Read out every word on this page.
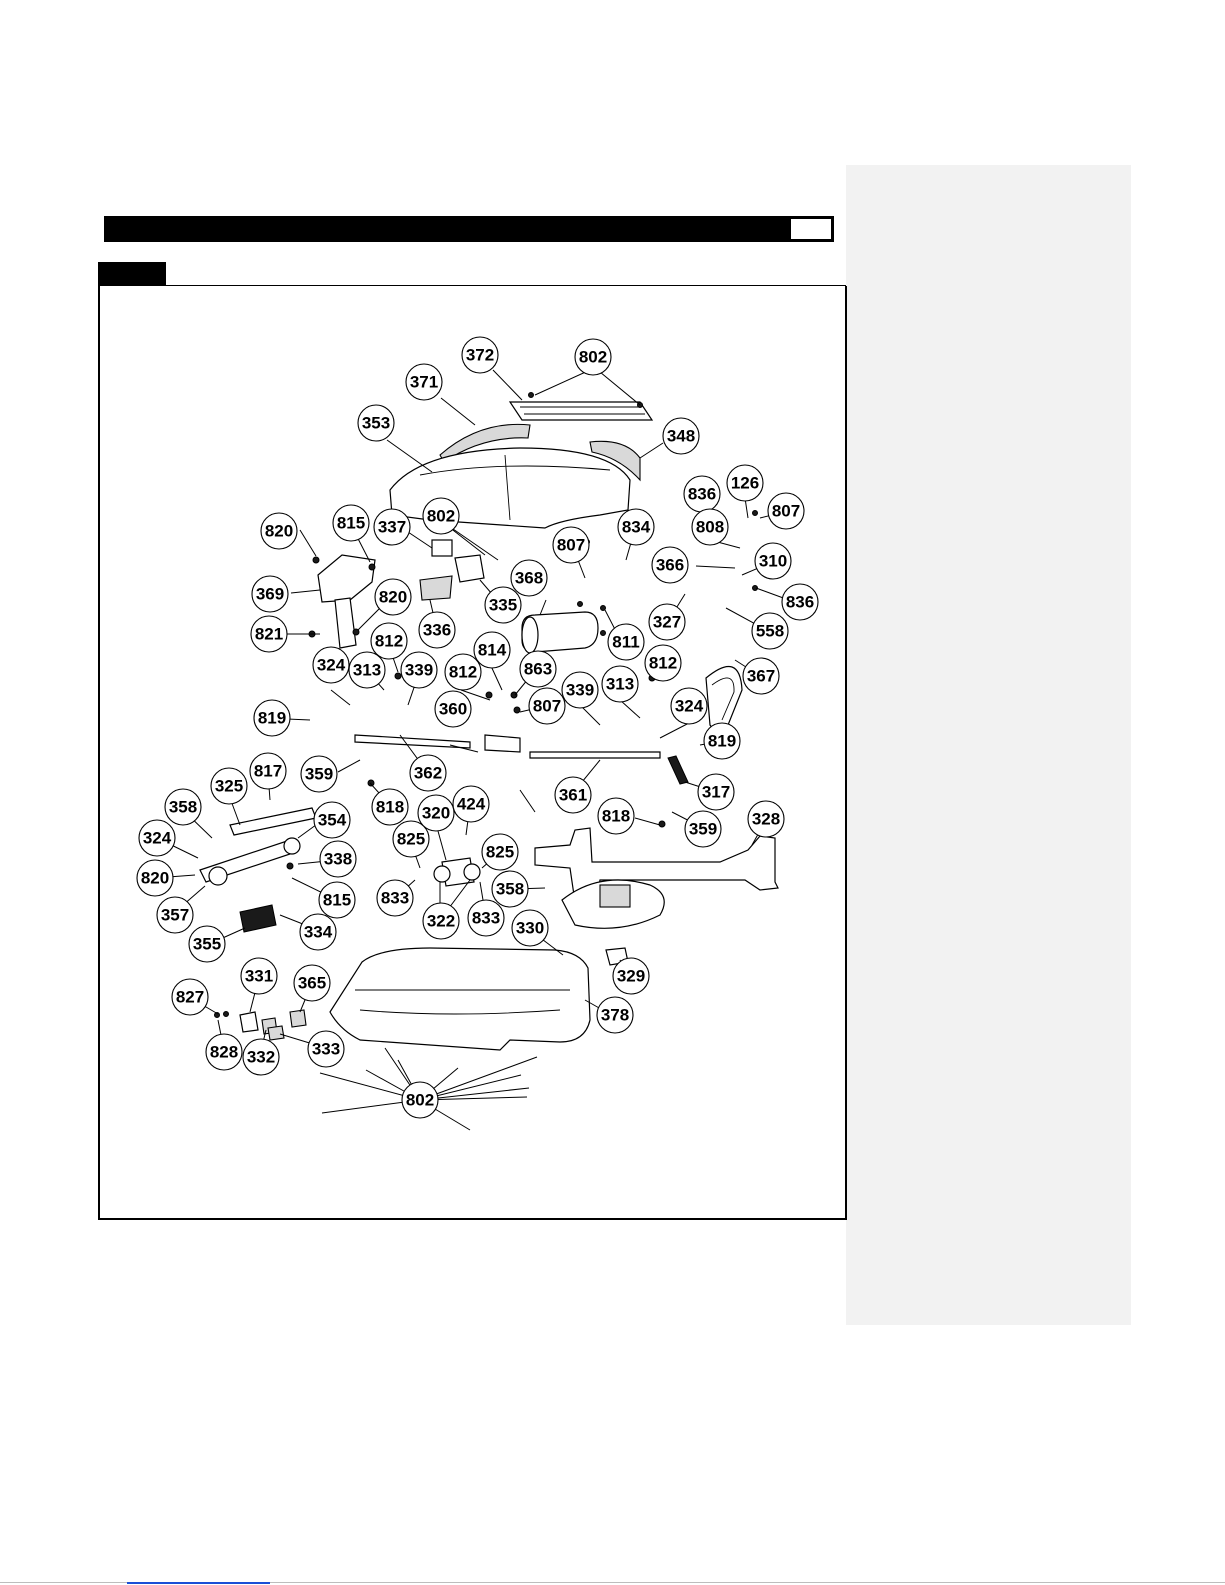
372	802
371
353
348
836
126
807
808
310
366
834
807
802
337
815
820
369
821
820
336
335
368
811
327
836
558
367
812
313 339
324
814
863
812
807
339 313
812
324
819
360
819
362
359
361	317
817
325
818
358
324
820
354
338
357
815
355
334
320 424
825
833
322 833
825
358
330
329
818
359
328
331 365
827
828 332 333
378
802
